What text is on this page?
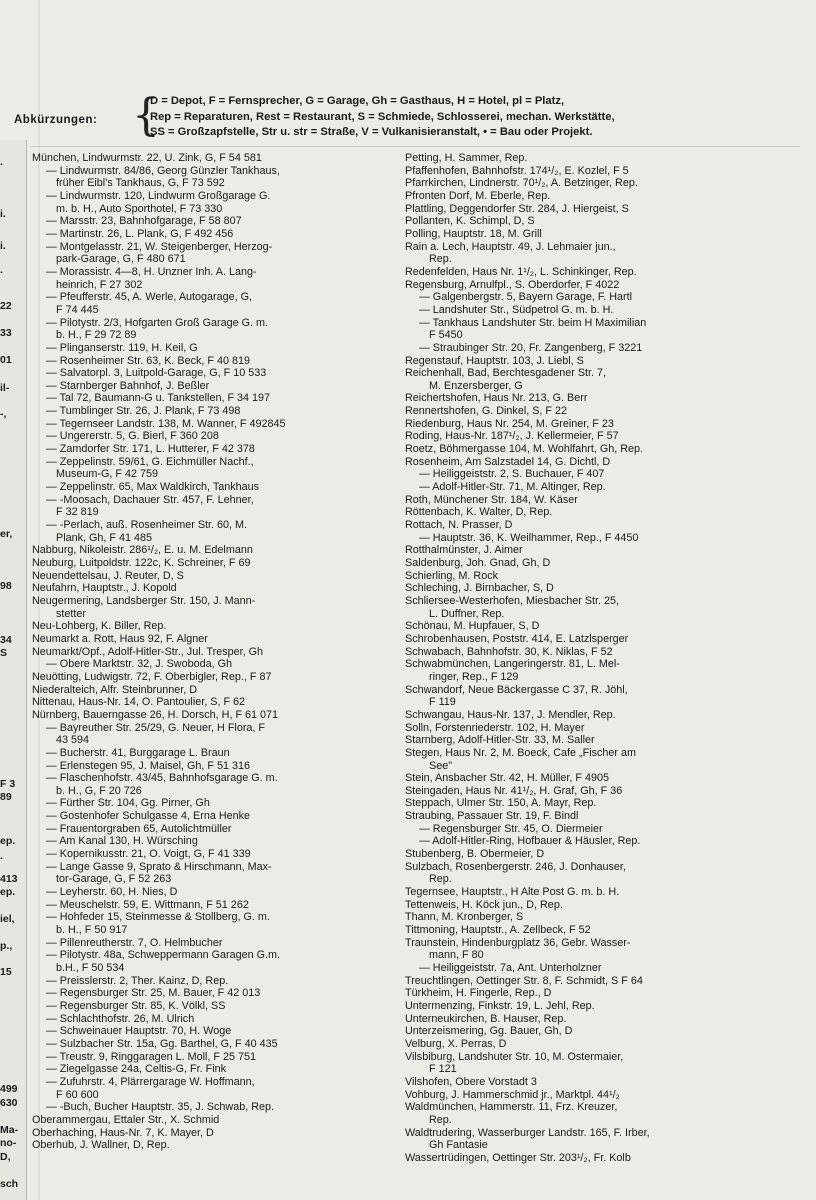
.
i.
i.
.
22
33
01
il-
-,
er,
98
34
S
F 3
89
ep.
.
413
ep.
iel,
p.,
15
499
630
Ma-
no-
D,
sch
Abkürzungen: {
D = Depot, F = Fernsprecher, G = Garage, Gh = Gasthaus, H = Hotel, pl = Platz,
Rep = Reparaturen, Rest = Restaurant, S = Schmiede, Schlosserei, mechan. Werkstätte,
SS = Großzapfstelle, Str u. str = Straße, V = Vulkanisieranstalt, • = Bau oder Projekt.
München, Lindwurmstr. 22, U. Zink, G, F 54 581
— Lindwurmstr. 84/86, Georg Günzler Tankhaus,
früher Eibl's Tankhaus, G, F 73 592
— Lindwurmstr. 120, Lindwurm Großgarage G.
m. b. H., Auto Sporthotel, F 73 330
— Marsstr. 23, Bahnhofgarage, F 58 807
— Martinstr. 26, L. Plank, G, F 492 456
— Montgelasstr. 21, W. Steigenberger, Herzog-
park-Garage, G, F 480 671
— Morassistr. 4—8, H. Unzner Inh. A. Lang-
heinrich, F 27 302
— Pfeufferstr. 45, A. Werle, Autogarage, G,
F 74 445
— Pilotystr. 2/3, Hofgarten Groß Garage G. m.
b. H., F 29 72 89
— Plinganserstr. 119, H. Keil, G
— Rosenheimer Str. 63, K. Beck, F 40 819
— Salvatorpl. 3, Luitpold-Garage, G, F 10 533
— Starnberger Bahnhof, J. Beßler
— Tal 72, Baumann-G u. Tankstellen, F 34 197
— Tumblinger Str. 26, J. Plank, F 73 498
— Tegernseer Landstr. 138, M. Wanner, F 492845
— Ungererstr. 5, G. Bierl, F 360 208
— Zamdorfer Str. 171, L. Hutterer, F 42 378
— Zeppelinstr. 59/61, G. Eichmüller Nachf.,
Museum-G, F 42 759
— Zeppelinstr. 65, Max Waldkirch, Tankhaus
— -Moosach, Dachauer Str. 457, F. Lehner,
F 32 819
— -Perlach, auß. Rosenheimer Str. 60, M.
Plank, Gh, F 41 485
Nabburg, Nikoleistr. 286¹/₂, E. u. M. Edelmann
Neuburg, Luitpoldstr. 122c, K. Schreiner, F 69
Neuendettelsau, J. Reuter, D, S
Neufahrn, Hauptstr., J. Kopold
Neugermering, Landsberger Str. 150, J. Mann-
stetter
Neu-Lohberg, K. Biller, Rep.
Neumarkt a. Rott, Haus 92, F. Algner
Neumarkt/Opf., Adolf-Hitler-Str., Jul. Tresper, Gh
— Obere Marktstr. 32, J. Swoboda, Gh
Neuötting, Ludwigstr. 72, F. Oberbigler, Rep., F 87
Niederalteich, Alfr. Steinbrunner, D
Nittenau, Haus-Nr. 14, O. Pantoulier, S, F 62
Nürnberg, Bauerngasse 26, H. Dorsch, H, F 61 071
— Bayreuther Str. 25/29, G. Neuer, H Flora, F
43 594
— Bucherstr. 41, Burggarage L. Braun
— Erlenstegen 95, J. Maisel, Gh, F 51 316
— Flaschenhofstr. 43/45, Bahnhofsgarage G. m.
b. H., G, F 20 726
— Fürther Str. 104, Gg. Pirner, Gh
— Gostenhofer Schulgasse 4, Erna Henke
— Frauentorgraben 65, Autolichtmüller
— Am Kanal 130, H. Würsching
— Kopernikusstr. 21, O. Voigt, G, F 41 339
— Lange Gasse 9, Sprato & Hirschmann, Max-
tor-Garage, G, F 52 263
— Leyherstr. 60, H. Nies, D
— Meuschelstr. 59, E. Wittmann, F 51 262
— Hohfeder 15, Steinmesse & Stollberg, G. m.
b. H., F 50 917
— Pillenreutherstr. 7, O. Helmbucher
— Pilotystr. 48a, Schweppermann Garagen G.m.
b.H., F 50 534
— Preisslerstr. 2, Ther. Kainz, D, Rep.
— Regensburger Str. 25, M. Bauer, F 42 013
— Regensburger Str. 85, K. Völkl, SS
— Schlachthofstr. 26, M. Ulrich
— Schweinauer Hauptstr. 70, H. Woge
— Sulzbacher Str. 15a, Gg. Barthel, G, F 40 435
— Treustr. 9, Ringgaragen L. Moll, F 25 751
— Ziegelgasse 24a, Celtis-G, Fr. Fink
— Zufuhrstr. 4, Plärrergarage W. Hoffmann,
F 60 600
— -Buch, Bucher Hauptstr. 35, J. Schwab, Rep.
Oberammergau, Ettaler Str., X. Schmid
Oberhaching, Haus-Nr. 7, K. Mayer, D
Oberhub, J. Wallner, D, Rep.
Petting, H. Sammer, Rep.
Pfaffenhofen, Bahnhofstr. 174¹/₂, E. Kozlel, F 5
Pfarrkirchen, Lindnerstr. 70¹/₂, A. Betzinger, Rep.
Pfronten Dorf, M. Eberle, Rep.
Plattling, Deggendorfer Str. 284, J. Hiergeist, S
Pollanten, K. Schimpl, D, S
Polling, Hauptstr. 18, M. Grill
Rain a. Lech, Hauptstr. 49, J. Lehmaier jun.,
Rep.
Redenfelden, Haus Nr. 1¹/₂, L. Schinkinger, Rep.
Regensburg, Arnulfpl., S. Oberdorfer, F 4022
— Galgenbergstr. 5, Bayern Garage, F. Hartl
— Landshuter Str., Südpetrol G. m. b. H.
— Tankhaus Landshuter Str. beim H Maximilian
F 5450
— Straubinger Str. 20, Fr. Zangenberg, F 3221
Regenstauf, Hauptstr. 103, J. Liebl, S
Reichenhall, Bad, Berchtesgadener Str. 7,
M. Enzersberger, G
Reichertshofen, Haus Nr. 213, G. Berr
Rennertshofen, G. Dinkel, S, F 22
Riedenburg, Haus Nr. 254, M. Greiner, F 23
Roding, Haus-Nr. 187¹/₂, J. Kellermeier, F 57
Roetz, Böhmergasse 104, M. Wohlfahrt, Gh, Rep.
Rosenheim, Am Salzstadel 14, G. Dichtl, D
— Heiliggeiststr. 2, S. Buchauer, F 407
— Adolf-Hitler-Str. 71, M. Altinger, Rep.
Roth, Münchener Str. 184, W. Käser
Röttenbach, K. Walter, D, Rep.
Rottach, N. Prasser, D
— Hauptstr. 36, K. Weilhammer, Rep., F 4450
Rotthalmünster, J. Aimer
Saldenburg, Joh. Gnad, Gh, D
Schierling, M. Rock
Schleching, J. Birnbacher, S, D
Schliersee-Westerhofen, Miesbacher Str. 25,
L. Duffner, Rep.
Schönau, M. Hupfauer, S, D
Schrobenhausen, Poststr. 414, E. Latzlsperger
Schwabach, Bahnhofstr. 30, K. Niklas, F 52
Schwabmünchen, Langeringerstr. 81, L. Mel-
ringer, Rep., F 129
Schwandorf, Neue Bäckergasse C 37, R. Jöhl,
F 119
Schwangau, Haus-Nr. 137, J. Mendler, Rep.
Solln, Forstenriederstr. 102, H. Mayer
Starnberg, Adolf-Hitler-Str. 33, M. Saller
Stegen, Haus Nr. 2, M. Boeck, Cafe „Fischer am
See"
Stein, Ansbacher Str. 42, H. Müller, F 4905
Steingaden, Haus Nr. 41¹/₂, H. Graf, Gh, F 36
Steppach, Ulmer Str. 150, A. Mayr, Rep.
Straubing, Passauer Str. 19, F. Bindl
— Regensburger Str. 45, O. Diermeier
— Adolf-Hitler-Ring, Hofbauer & Häusler, Rep.
Stubenberg, B. Obermeier, D
Sulzbach, Rosenbergerstr. 246, J. Donhauser,
Rep.
Tegernsee, Hauptstr., H Alte Post G. m. b. H.
Tettenweis, H. Köck jun., D, Rep.
Thann, M. Kronberger, S
Tittmoning, Hauptstr., A. Zellbeck, F 52
Traunstein, Hindenburgplatz 36, Gebr. Wasser-
mann, F 80
— Heiliggeiststr. 7a, Ant. Unterholzner
Treuchtlingen, Oettinger Str. 8, F. Schmidt, S F 64
Türkheim, H. Fingerle, Rep., D
Untermenzing, Finkstr. 19, L. Jehl, Rep.
Unterneukirchen, B. Hauser, Rep.
Unterzeismering, Gg. Bauer, Gh, D
Velburg, X. Perras, D
Vilsbiburg, Landshuter Str. 10, M. Ostermaier,
F 121
Vilshofen, Obere Vorstadt 3
Vohburg, J. Hammerschmid jr., Marktpl. 44¹/₂
Waldmünchen, Hammerstr. 11, Frz. Kreuzer,
Rep.
Waldtrudering, Wasserburger Landstr. 165, F. Irber,
Gh Fantasie
Wassertrüdingen, Oettinger Str. 203¹/₂, Fr. Kolb
